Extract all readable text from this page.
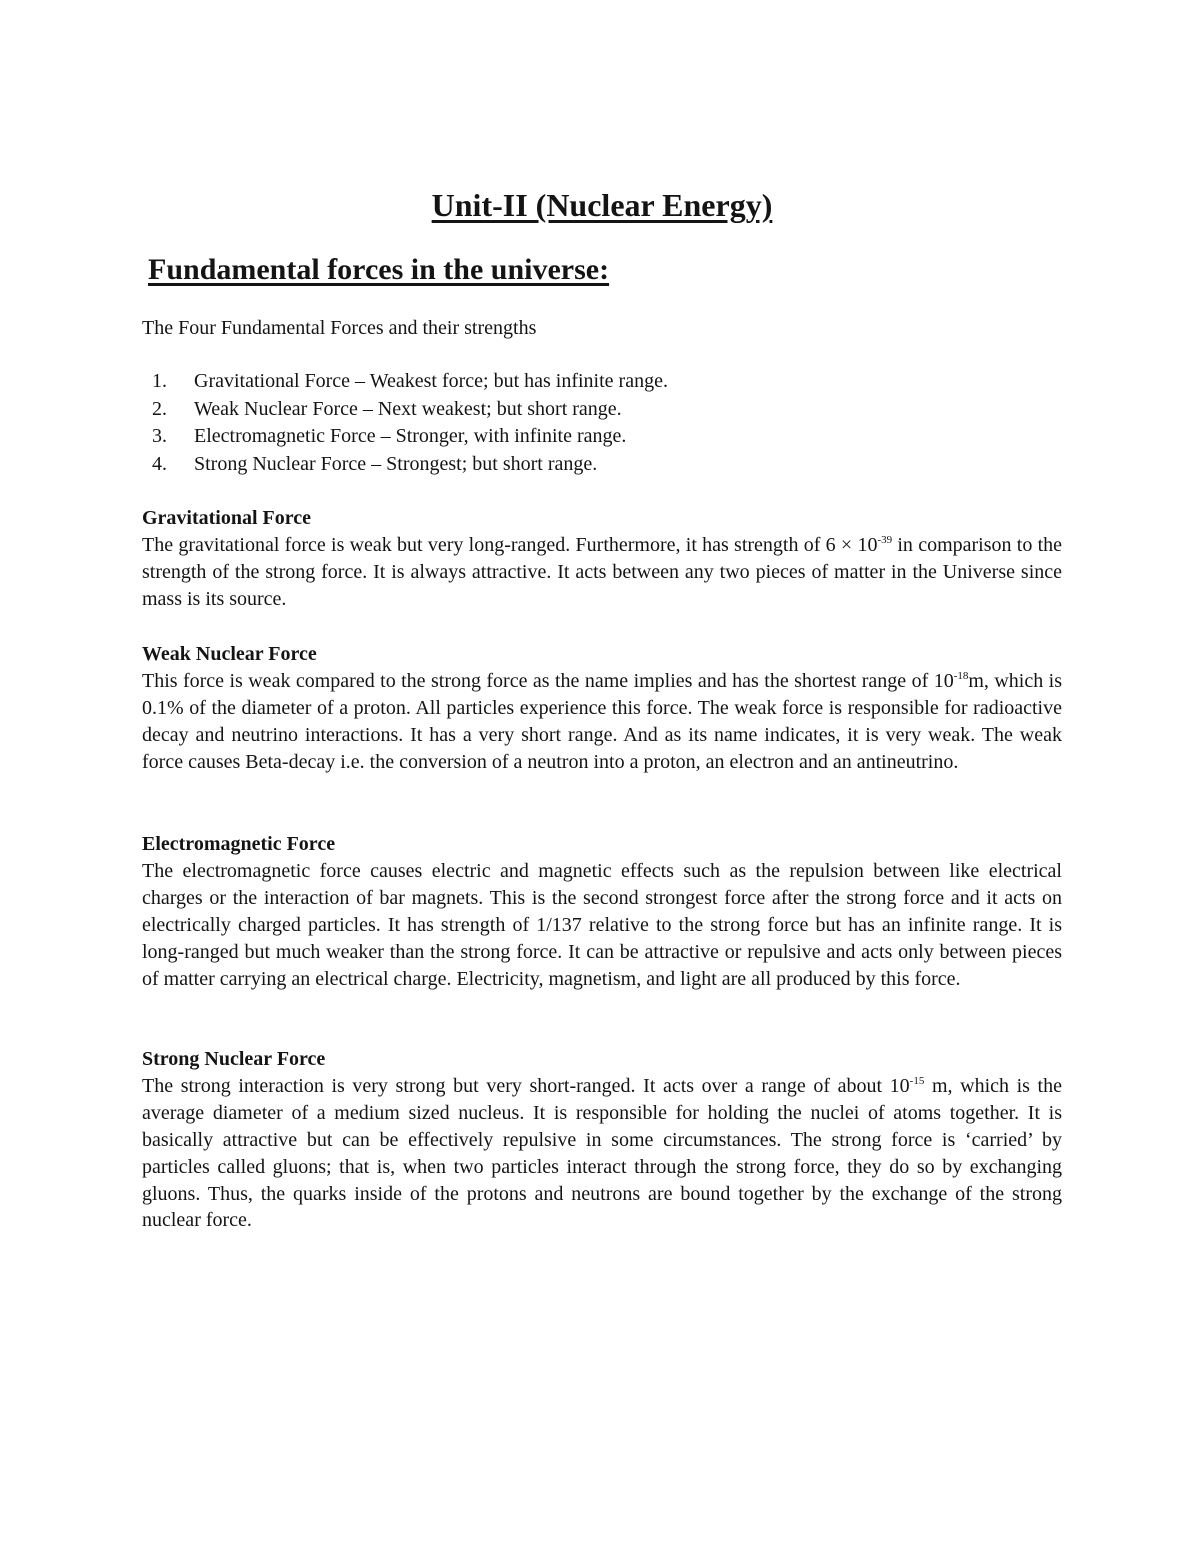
Unit-II (Nuclear Energy)
Fundamental forces in the universe:

The Four Fundamental Forces and their strengths

1.	Gravitational Force – Weakest force; but has infinite range.
2.	Weak Nuclear Force – Next weakest; but short range.
3.	Electromagnetic Force – Stronger, with infinite range.
4.	Strong Nuclear Force – Strongest; but short range.
Gravitational Force

The gravitational force is weak but very long-ranged. Furthermore, it has strength of $6 \times 10^{-39}$ in comparison to the strength of the strong force. It is always attractive. It acts between any two pieces of matter in the Universe since mass is its source.

Weak Nuclear Force

This force is weak compared to the strong force as the name implies and has the shortest range of $10^{-18}m$, which is 0.1% of the diameter of a proton. All particles experience this force. The weak force is responsible for radioactive decay and neutrino interactions. It has a very short range. And as its name indicates, it is very weak. The weak force causes Beta-decay i.e. the conversion of a neutron into a proton, an electron and an antineutrino.

Electromagnetic Force

The electromagnetic force causes electric and magnetic effects such as the repulsion between like electrical charges or the interaction of bar magnets. This is the second strongest force after the strong force and it acts on electrically charged particles. It has strength of 1/137 relative to the strong force but has an infinite range. It is long-ranged but much weaker than the strong force. It can be attractive or repulsive and acts only between pieces of matter carrying an electrical charge. Electricity, magnetism, and light are all produced by this force.

Strong Nuclear Force

The strong interaction is very strong but very short-ranged. It acts over a range of about $10^{-15}$ m, which is the average diameter of a medium sized nucleus. It is responsible for holding the nuclei of atoms together. It is basically attractive but can be effectively repulsive in some circumstances. The strong force is ‘carried’ by particles called gluons; that is, when two particles interact through the strong force, they do so by exchanging gluons. Thus, the quarks inside of the protons and neutrons are bound together by the exchange of the strong nuclear force.
